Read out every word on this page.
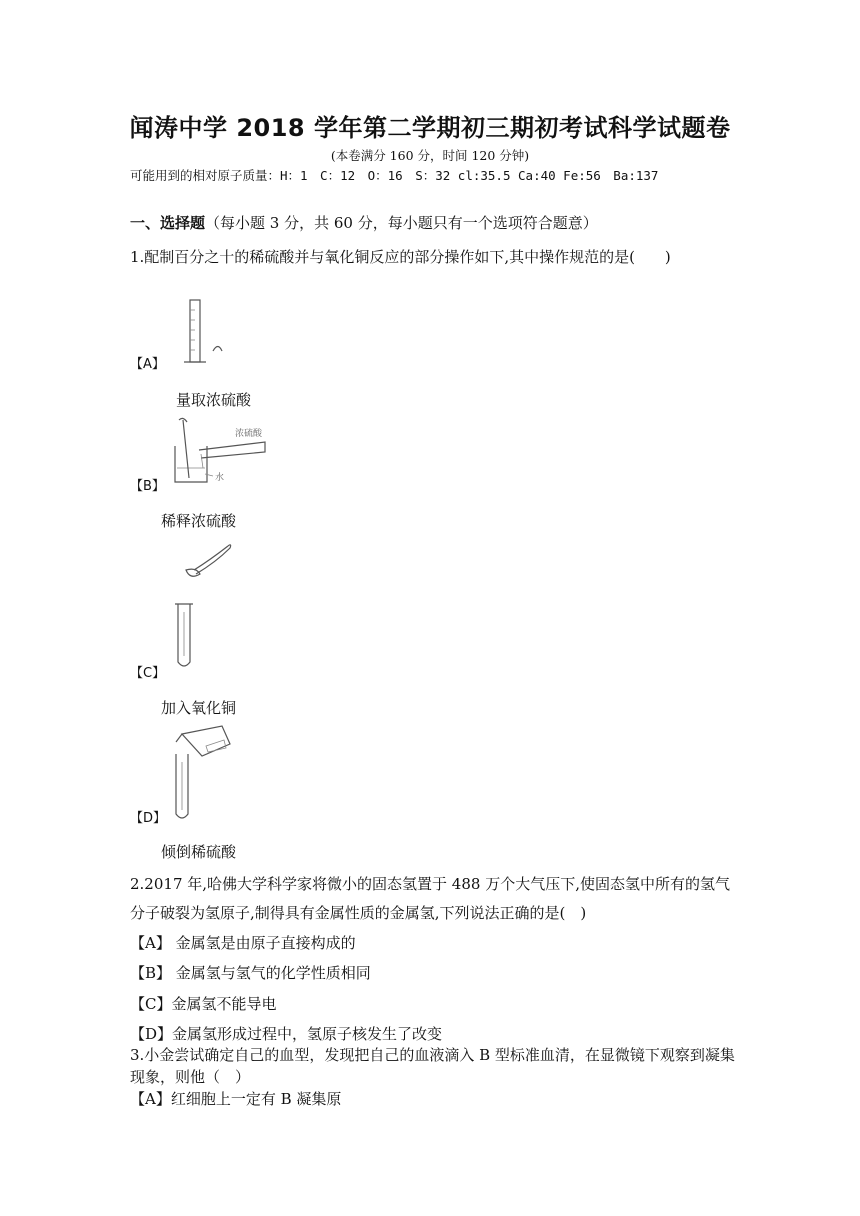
闻涛中学 2018 学年第二学期初三期初考试科学试题卷
(本卷满分 160 分，时间 120 分钟)
可能用到的相对原子质量：H：1　C：12　O：16　S：32 cl:35.5 Ca:40 Fe:56　Ba:137
一、选择题（每小题 3 分，共 60 分，每小题只有一个选项符合题意）
1.配制百分之十的稀硫酸并与氧化铜反应的部分操作如下,其中操作规范的是(　　)
【A】
量取浓硫酸
浓硫酸
水
【B】
稀释浓硫酸
【C】
加入氧化铜
【D】
倾倒稀硫酸
2.2017 年,哈佛大学科学家将微小的固态氢置于 488 万个大气压下,使固态氢中所有的氢气
分子破裂为氢原子,制得具有金属性质的金属氢,下列说法正确的是(　)
【A】 金属氢是由原子直接构成的
【B】 金属氢与氢气的化学性质相同
【C】金属氢不能导电
【D】金属氢形成过程中，氢原子核发生了改变
3.小金尝试确定自己的血型，发现把自己的血液滴入 B 型标准血清，在显微镜下观察到凝集
现象，则他（　）
【A】红细胞上一定有 B 凝集原
